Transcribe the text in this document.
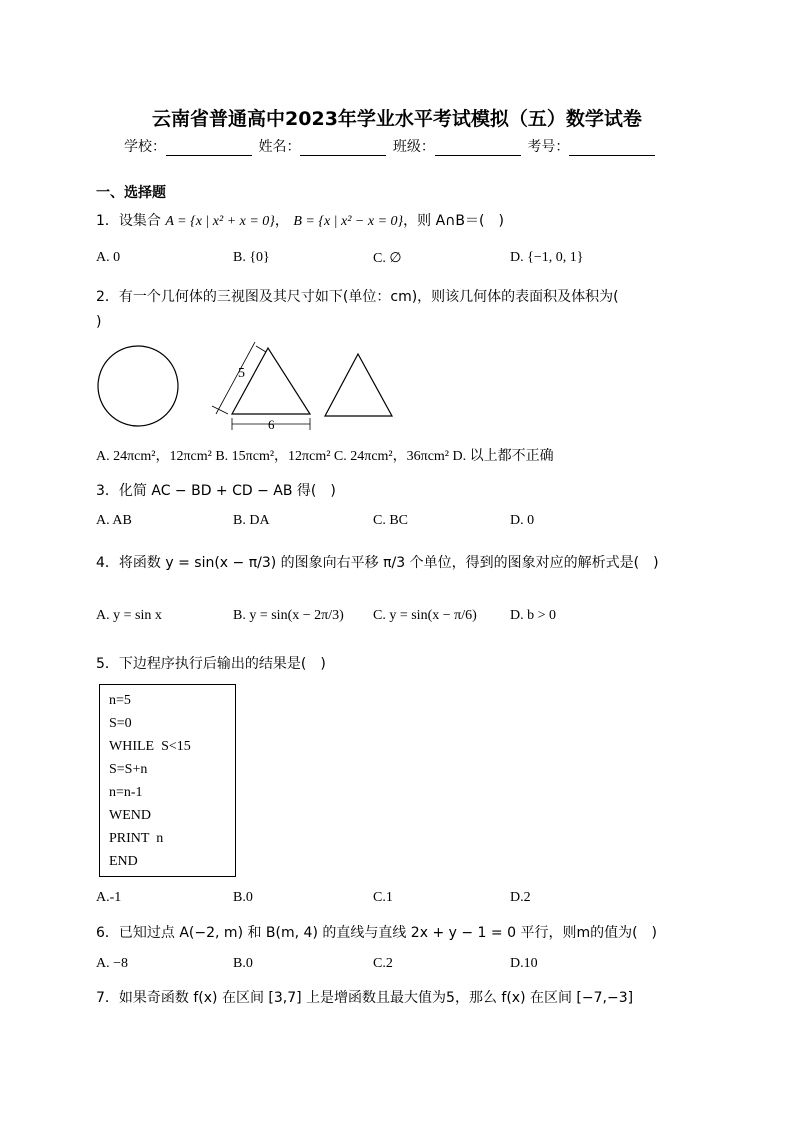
云南省普通高中2023年学业水平考试模拟（五）数学试卷
学校：	姓名：	班级：	考号：
一、选择题
1．设集合 A = {x | x² + x = 0}， B = {x | x² − x = 0}，则 A∩B＝(　)
A. 0	B. {0}	C. ∅	D. {−1, 0, 1}
2．有一个几何体的三视图及其尺寸如下(单位：cm)，则该几何体的表面积及体积为(
)
5
6
A. 24πcm²，12πcm² B. 15πcm²，12πcm² C. 24πcm²，36πcm² D. 以上都不正确
3．化简 AC − BD + CD − AB 得(　)
A. AB	B. DA	C. BC	D. 0
4．将函数 y = sin(x − π/3) 的图象向右平移 π/3 个单位，得到的图象对应的解析式是(　)
A. y = sin x	B. y = sin(x − 2π/3) C. y = sin(x − π/6) D. b > 0
5．下边程序执行后输出的结果是(　)
n=5
S=0
WHILE  S<15
S=S+n
n=n-1
WEND
PRINT  n
END
A.-1	B.0	C.1	D.2
6．已知过点 A(−2, m) 和 B(m, 4) 的直线与直线 2x + y − 1 = 0 平行，则m的值为(　)
A. −8	B.0	C.2	D.10
7．如果奇函数 f(x) 在区间 [3,7] 上是增函数且最大值为5，那么 f(x) 在区间 [−7,−3]
